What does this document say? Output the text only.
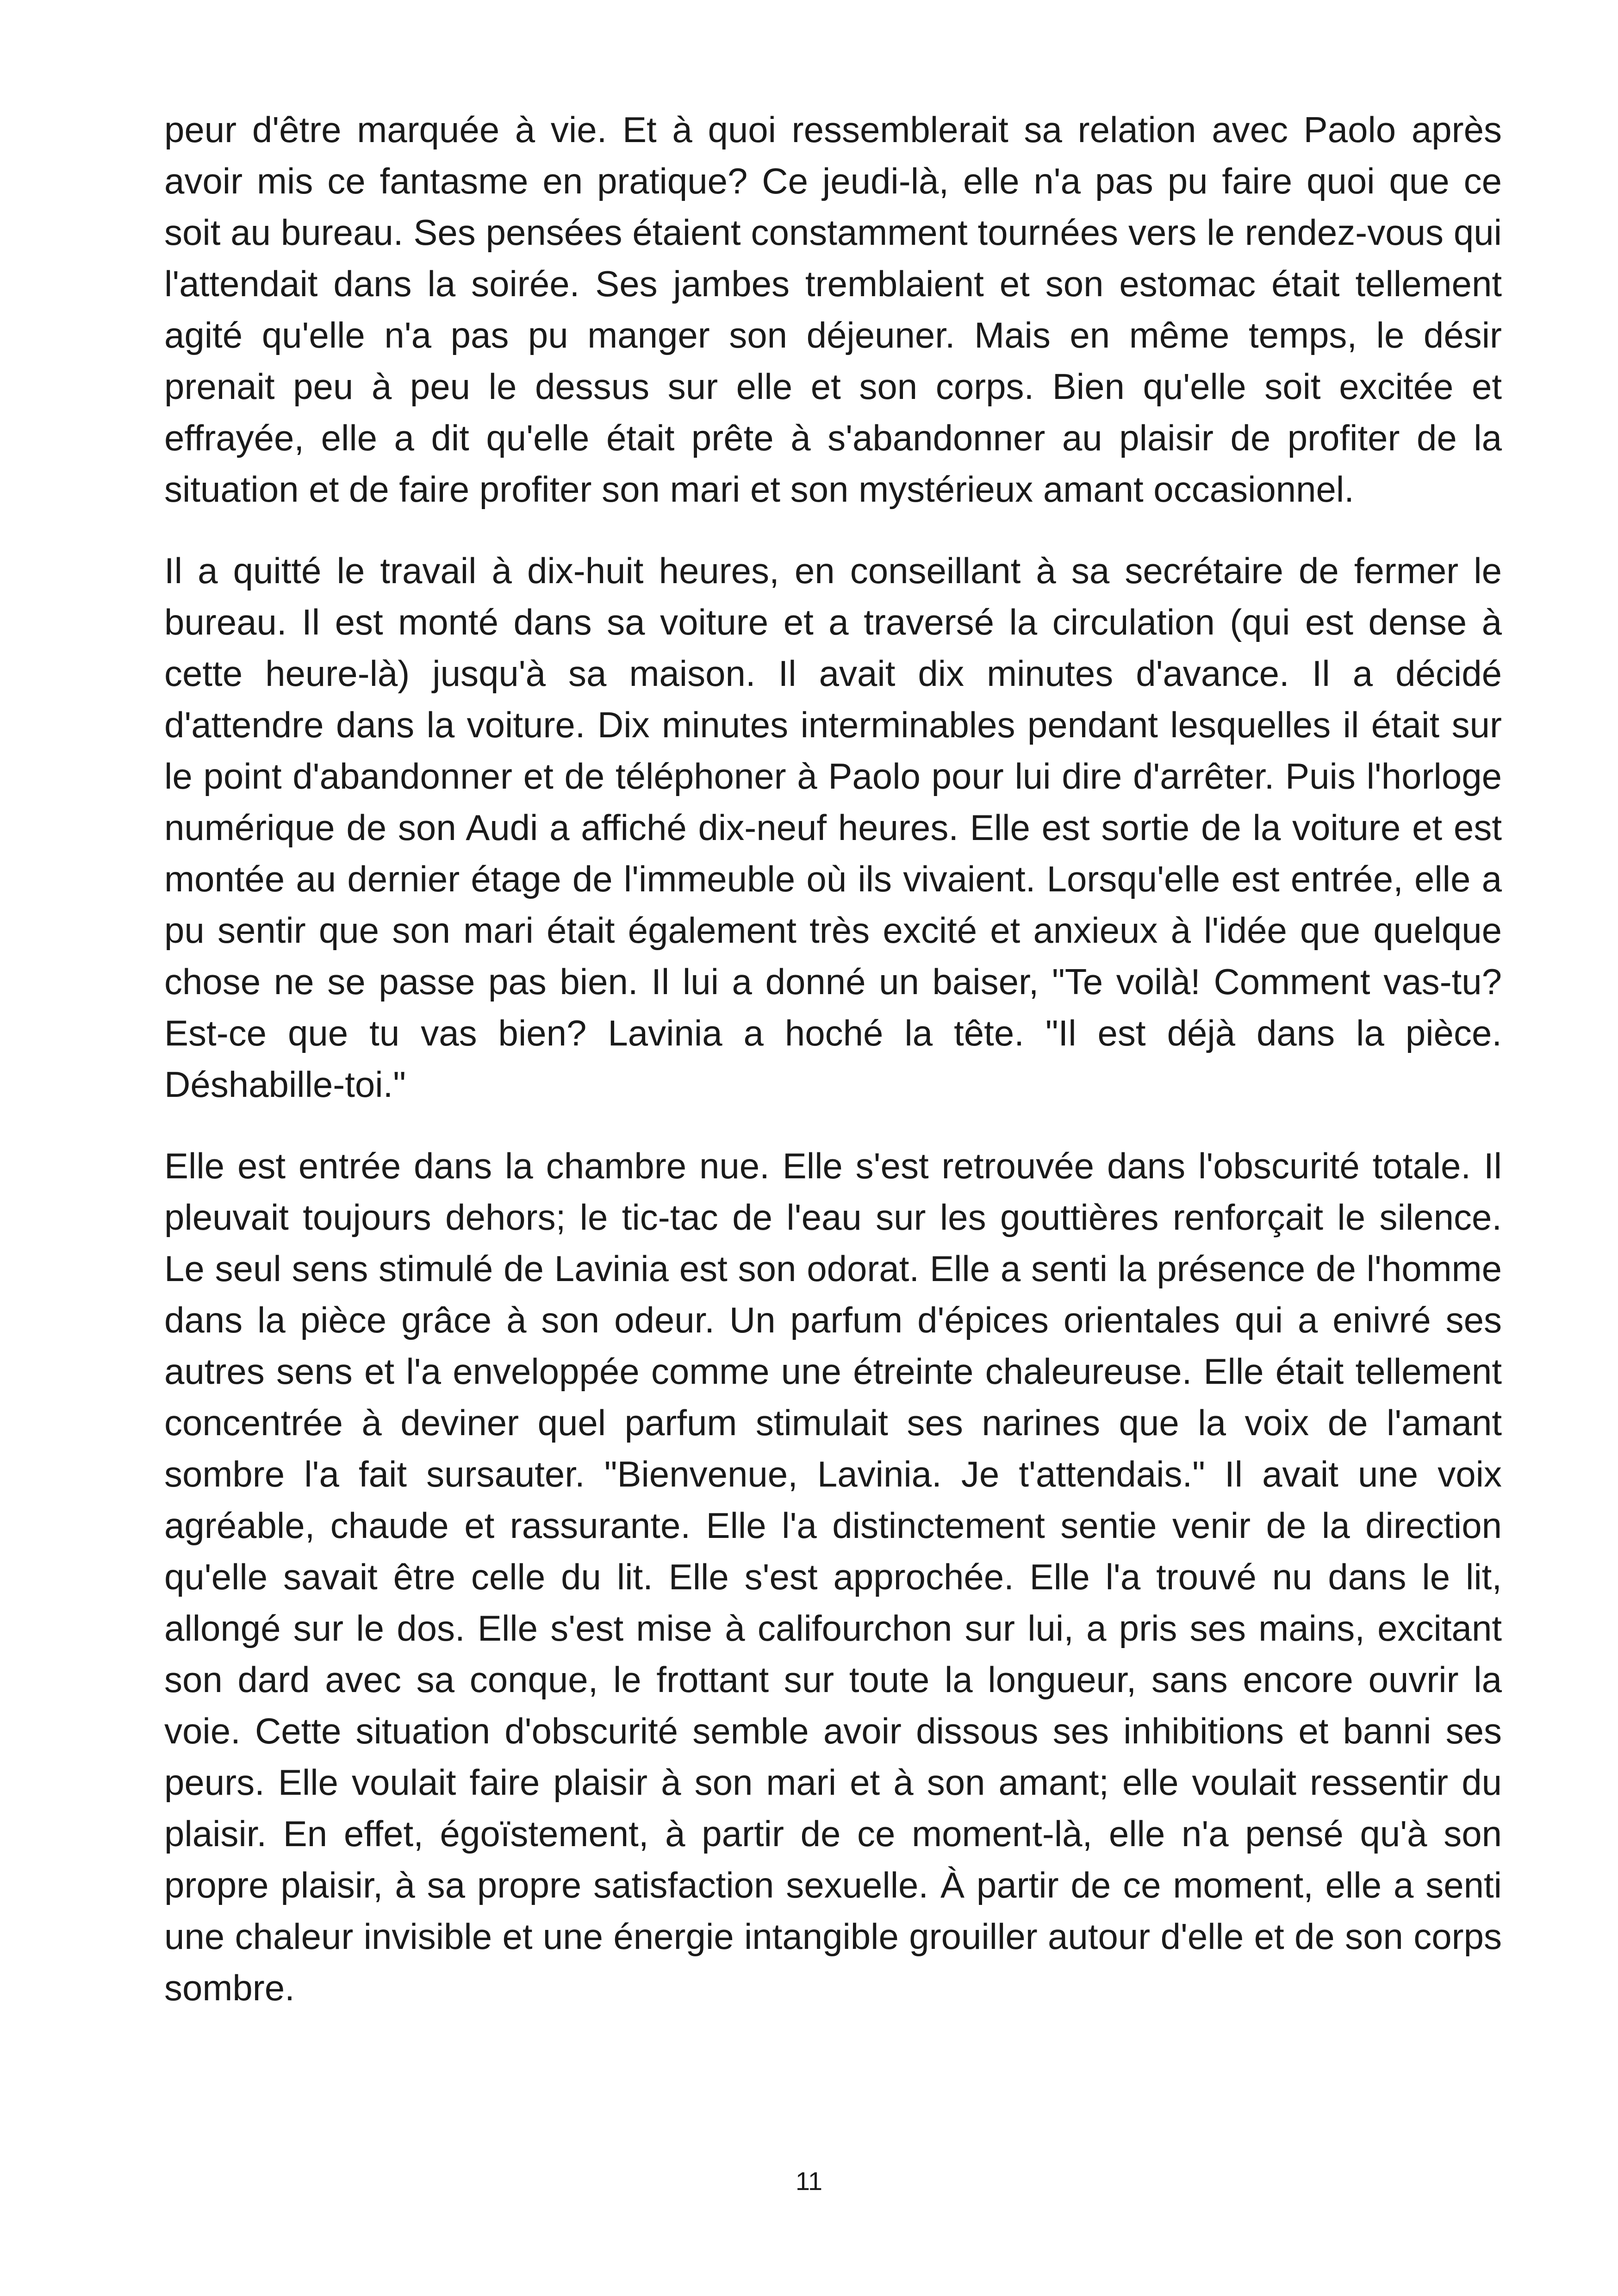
peur d'être marquée à vie. Et à quoi ressemblerait sa relation avec Paolo après avoir mis ce fantasme en pratique? Ce jeudi-là, elle n'a pas pu faire quoi que ce soit au bureau. Ses pensées étaient constamment tournées vers le rendez-vous qui l'attendait dans la soirée. Ses jambes tremblaient et son estomac était tellement agité qu'elle n'a pas pu manger son déjeuner. Mais en même temps, le désir prenait peu à peu le dessus sur elle et son corps. Bien qu'elle soit excitée et effrayée, elle a dit qu'elle était prête à s'abandonner au plaisir de profiter de la situation et de faire profiter son mari et son mystérieux amant occasionnel.

Il a quitté le travail à dix-huit heures, en conseillant à sa secrétaire de fermer le bureau. Il est monté dans sa voiture et a traversé la circulation (qui est dense à cette heure-là) jusqu'à sa maison. Il avait dix minutes d'avance. Il a décidé d'attendre dans la voiture. Dix minutes interminables pendant lesquelles il était sur le point d'abandonner et de téléphoner à Paolo pour lui dire d'arrêter. Puis l'horloge numérique de son Audi a affiché dix-neuf heures. Elle est sortie de la voiture et est montée au dernier étage de l'immeuble où ils vivaient. Lorsqu'elle est entrée, elle a pu sentir que son mari était également très excité et anxieux à l'idée que quelque chose ne se passe pas bien. Il lui a donné un baiser, "Te voilà! Comment vas-tu? Est-ce que tu vas bien? Lavinia a hoché la tête. "Il est déjà dans la pièce. Déshabille-toi."

Elle est entrée dans la chambre nue. Elle s'est retrouvée dans l'obscurité totale. Il pleuvait toujours dehors; le tic-tac de l'eau sur les gouttières renforçait le silence. Le seul sens stimulé de Lavinia est son odorat. Elle a senti la présence de l'homme dans la pièce grâce à son odeur. Un parfum d'épices orientales qui a enivré ses autres sens et l'a enveloppée comme une étreinte chaleureuse. Elle était tellement concentrée à deviner quel parfum stimulait ses narines que la voix de l'amant sombre l'a fait sursauter. "Bienvenue, Lavinia. Je t'attendais." Il avait une voix agréable, chaude et rassurante. Elle l'a distinctement sentie venir de la direction qu'elle savait être celle du lit. Elle s'est approchée. Elle l'a trouvé nu dans le lit, allongé sur le dos. Elle s'est mise à califourchon sur lui, a pris ses mains, excitant son dard avec sa conque, le frottant sur toute la longueur, sans encore ouvrir la voie. Cette situation d'obscurité semble avoir dissous ses inhibitions et banni ses peurs. Elle voulait faire plaisir à son mari et à son amant; elle voulait ressentir du plaisir. En effet, égoïstement, à partir de ce moment-là, elle n'a pensé qu'à son propre plaisir, à sa propre satisfaction sexuelle. À partir de ce moment, elle a senti une chaleur invisible et une énergie intangible grouiller autour d'elle et de son corps sombre.

11
